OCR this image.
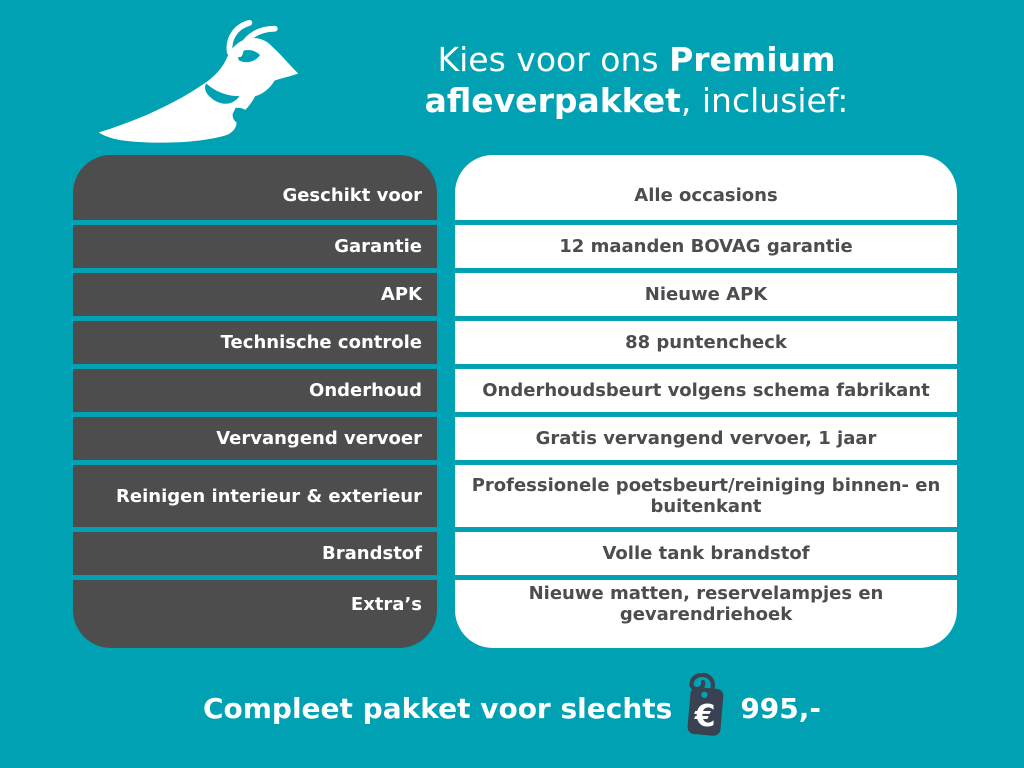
Kies voor ons Premium
afleverpakket, inclusief:
Geschikt voor
Garantie
APK
Technische controle
Onderhoud
Vervangend vervoer
Reinigen interieur & exterieur
Brandstof
Extra’s
Alle occasions
12 maanden BOVAG garantie
Nieuwe APK
88 puntencheck
Onderhoudsbeurt volgens schema fabrikant
Gratis vervangend vervoer, 1 jaar
Professionele poetsbeurt/reiniging binnen- en buitenkant
Volle tank brandstof
Nieuwe matten, reservelampjes en gevarendriehoek
Compleet pakket voor slechts € 995,-
